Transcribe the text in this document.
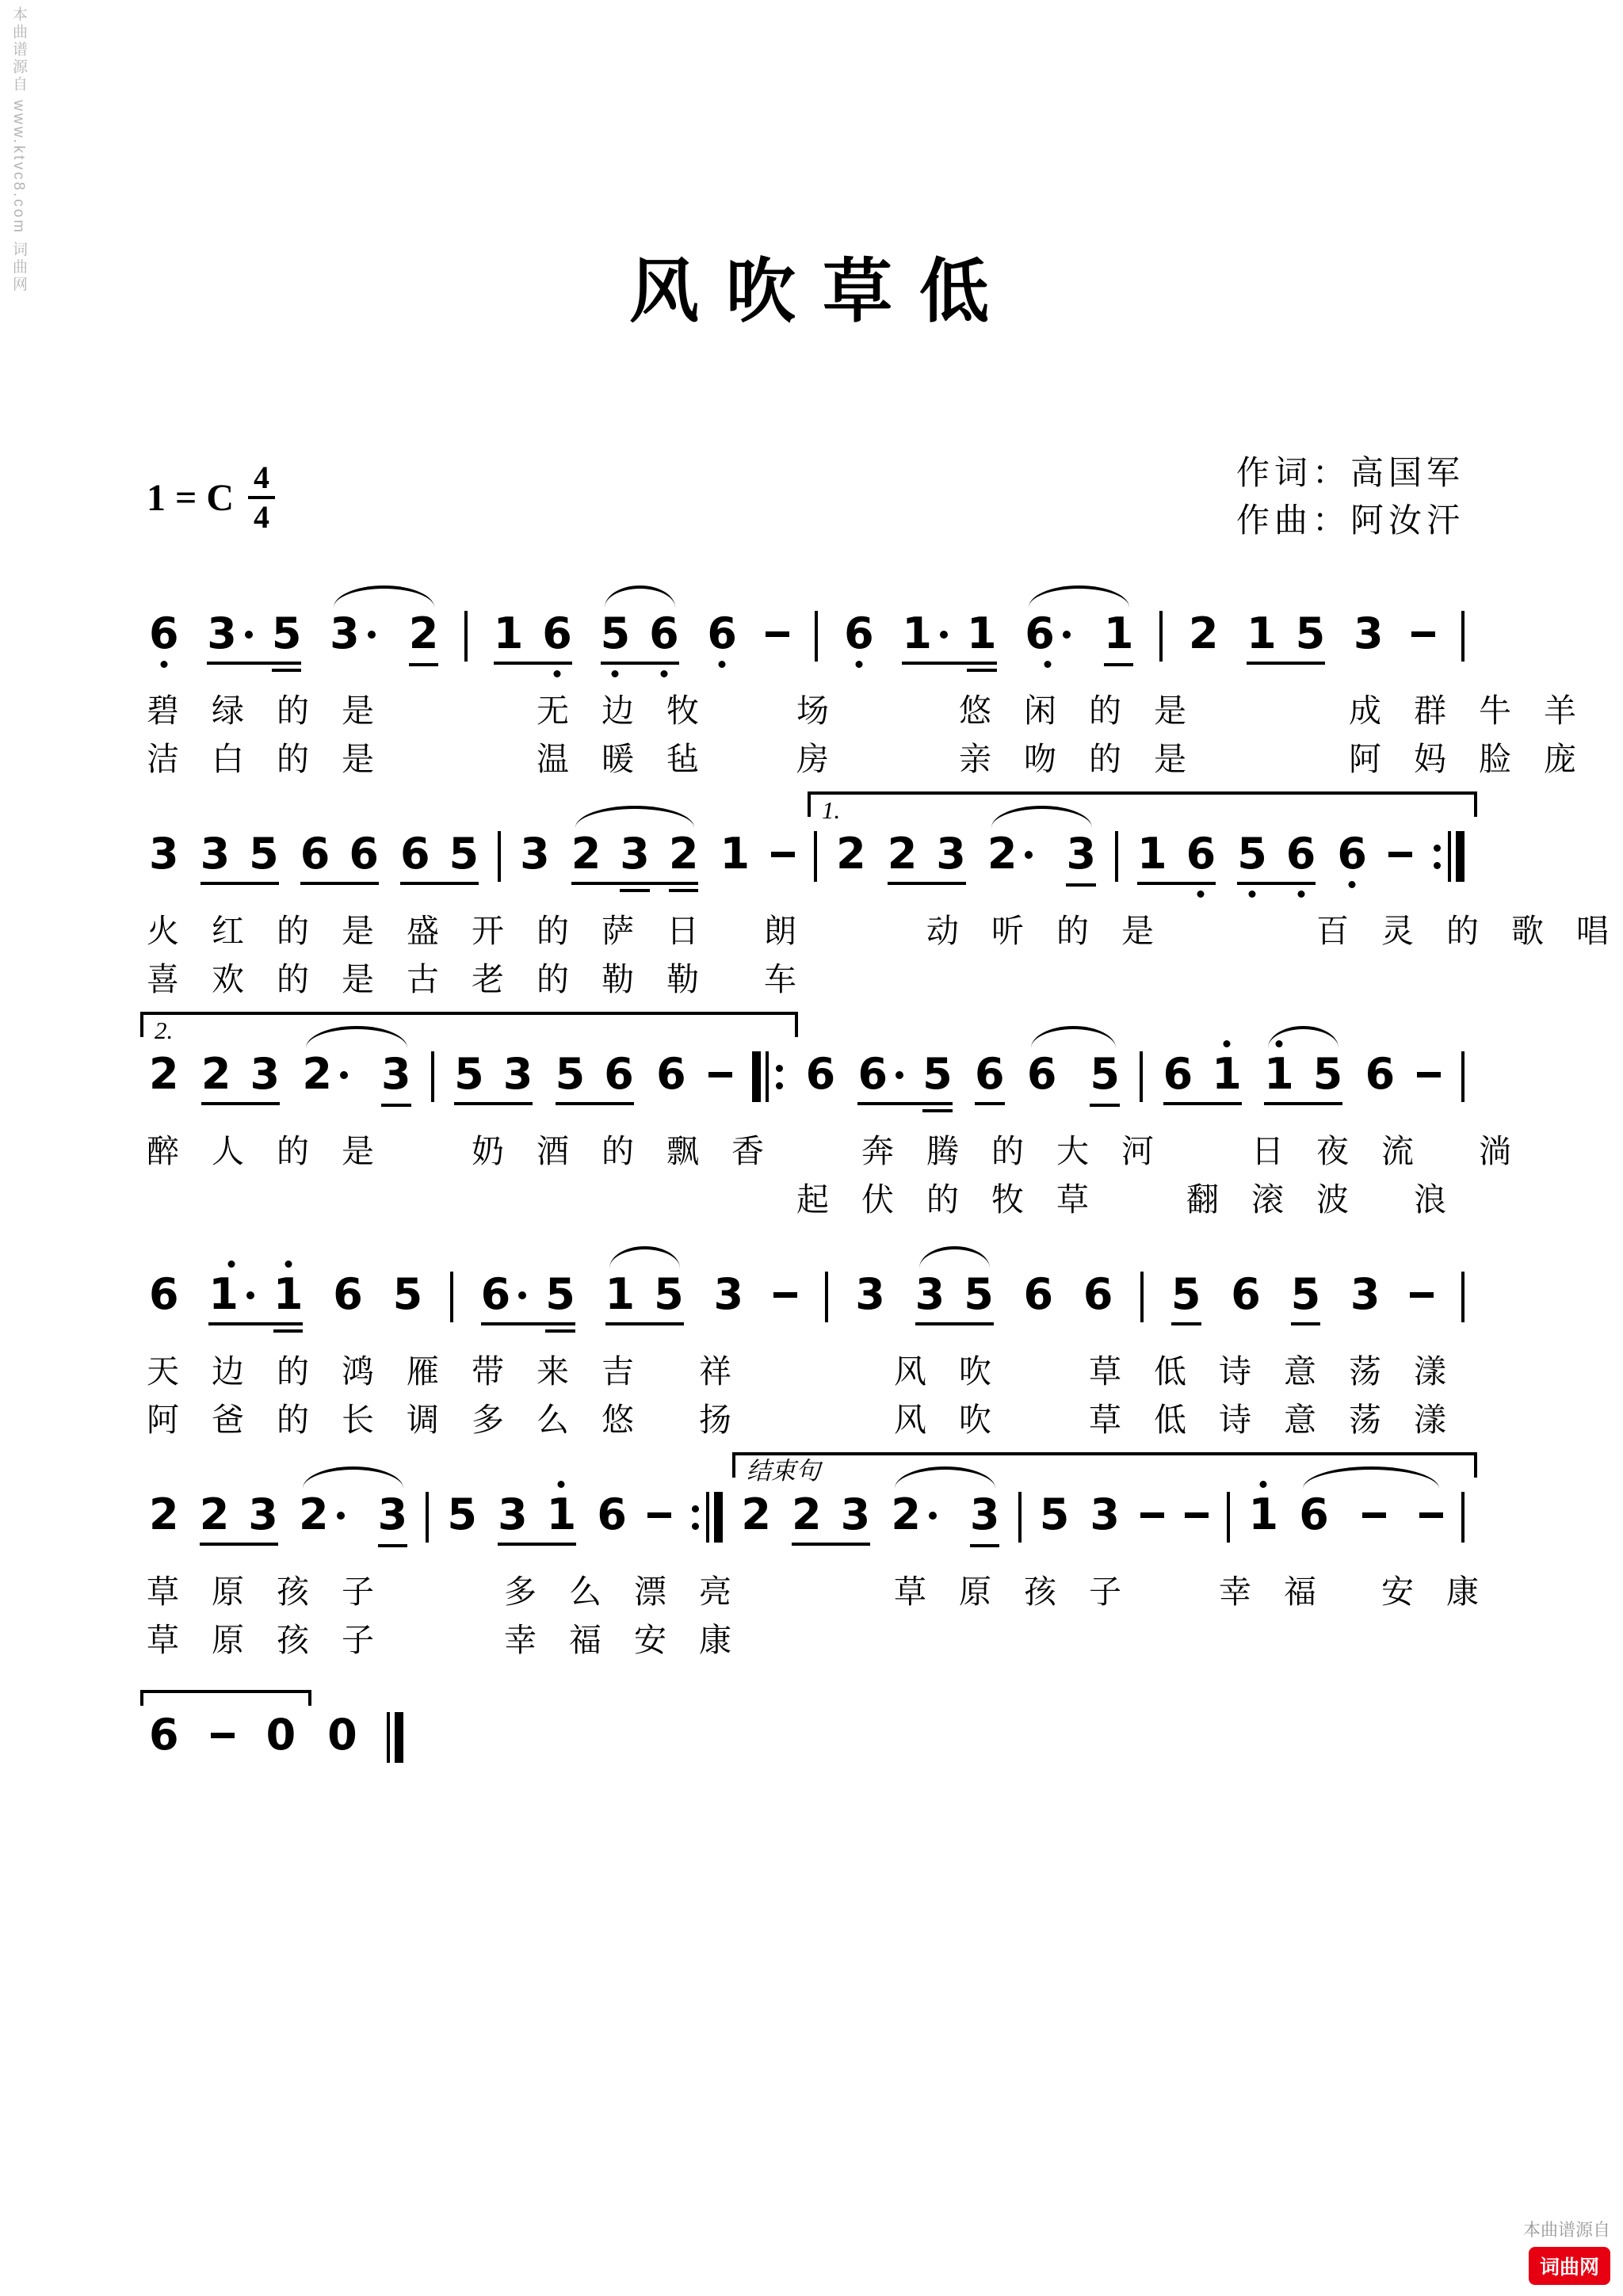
本曲谱源自 www.ktvc8.com 词曲网	风 吹 草 低
1 = C 4
4
作词：高国军
作曲：阿汝汗
6 3 5 3 2 1 6 5 6 6	6 1 1 6 1 2 1 5 3
碧　绿　的　是　　　　　无　边　牧　　　场　　　　悠　闲　的　是　　　　　成　群　牛　羊
洁　白　的　是　　　　　温　暖　毡　　　房　　　　亲　吻　的　是　　　　　阿　妈　脸　庞
3 3 5 6 6 6 5 3 2 3 2 1 2 2 3 2 3 1 6 5 6 6
火　红　的　是　盛　开　的　萨　日　　朗　　　　动　听　的　是　　　　　百　灵　的　歌　唱
喜　欢　的　是　古　老　的　勒　勒　　车
1.
2 2 3 2 3 5 3 5 6 6	6 6 5 6 6 5 6 1 1 5 6
醉　人　的　是　　　奶　酒　的　飘　香　　　奔　腾　的　大　河　　　日　夜　流　　淌
　　　　　　　　　　　　　　　　　　　　起　伏　的　牧　草　　　翻　滚　波　　浪
2.
6 1 1 6 5 6 5 1 5 3	3 3 5 6 6 5 6 5 3
天　边　的　鸿　雁　带　来　吉　　祥　　　　　风　吹　　　草　低　诗　意　荡　漾
阿　爸　的　长　调　多　么　悠　　扬　　　　　风　吹　　　草　低　诗　意　荡　漾
2 2 3 2 3 5 3 1 6	2 2 3 2 3 5 3	1 6
草　原　孩　子　　　　多　么　漂　亮　　　　　草　原　孩　子　　　幸　福　　安　康
草　原　孩　子　　　　幸　福　安　康
结束句
6 0 0
本曲谱源自
词曲网
